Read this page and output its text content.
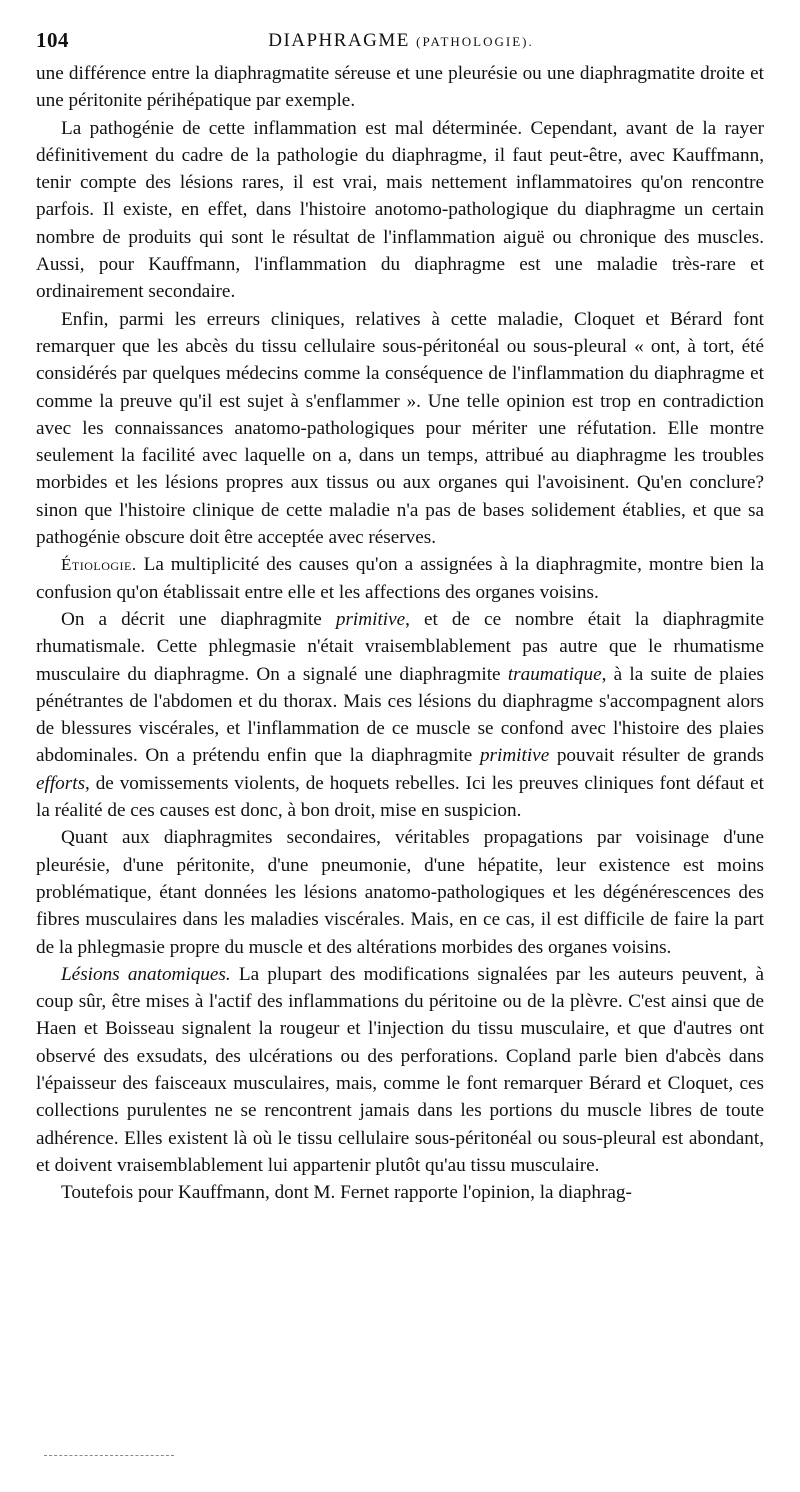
104	DIAPHRAGME (PATHOLOGIE).

une différence entre la diaphragmatite séreuse et une pleurésie ou une diaphragmatite droite et une péritonite périhépatique par exemple.

La pathogénie de cette inflammation est mal déterminée. Cependant, avant de la rayer définitivement du cadre de la pathologie du diaphragme, il faut peut-être, avec Kauffmann, tenir compte des lésions rares, il est vrai, mais nettement inflammatoires qu'on rencontre parfois. Il existe, en effet, dans l'histoire anotomo-pathologique du diaphragme un certain nombre de produits qui sont le résultat de l'inflammation aiguë ou chronique des muscles. Aussi, pour Kauffmann, l'inflammation du diaphragme est une maladie très-rare et ordinairement secondaire.

Enfin, parmi les erreurs cliniques, relatives à cette maladie, Cloquet et Bérard font remarquer que les abcès du tissu cellulaire sous-péritonéal ou sous-pleural « ont, à tort, été considérés par quelques médecins comme la conséquence de l'inflammation du diaphragme et comme la preuve qu'il est sujet à s'enflammer ». Une telle opinion est trop en contradiction avec les connaissances anatomo-pathologiques pour mériter une réfutation. Elle montre seulement la facilité avec laquelle on a, dans un temps, attribué au diaphragme les troubles morbides et les lésions propres aux tissus ou aux organes qui l'avoisinent. Qu'en conclure? sinon que l'histoire clinique de cette maladie n'a pas de bases solidement établies, et que sa pathogénie obscure doit être acceptée avec réserves.

Étiologie. La multiplicité des causes qu'on a assignées à la diaphragmite, montre bien la confusion qu'on établissait entre elle et les affections des organes voisins.

On a décrit une diaphragmite primitive, et de ce nombre était la diaphragmite rhumatismale. Cette phlegmasie n'était vraisemblablement pas autre que le rhumatisme musculaire du diaphragme. On a signalé une diaphragmite traumatique, à la suite de plaies pénétrantes de l'abdomen et du thorax. Mais ces lésions du diaphragme s'accompagnent alors de blessures viscérales, et l'inflammation de ce muscle se confond avec l'histoire des plaies abdominales. On a prétendu enfin que la diaphragmite primitive pouvait résulter de grands efforts, de vomissements violents, de hoquets rebelles. Ici les preuves cliniques font défaut et la réalité de ces causes est donc, à bon droit, mise en suspicion.

Quant aux diaphragmites secondaires, véritables propagations par voisinage d'une pleurésie, d'une péritonite, d'une pneumonie, d'une hépatite, leur existence est moins problématique, étant données les lésions anatomo-pathologiques et les dégénérescences des fibres musculaires dans les maladies viscérales. Mais, en ce cas, il est difficile de faire la part de la phlegmasie propre du muscle et des altérations morbides des organes voisins.

Lésions anatomiques. La plupart des modifications signalées par les auteurs peuvent, à coup sûr, être mises à l'actif des inflammations du péritoine ou de la plèvre. C'est ainsi que de Haen et Boisseau signalent la rougeur et l'injection du tissu musculaire, et que d'autres ont observé des exsudats, des ulcérations ou des perforations. Copland parle bien d'abcès dans l'épaisseur des faisceaux musculaires, mais, comme le font remarquer Bérard et Cloquet, ces collections purulentes ne se rencontrent jamais dans les portions du muscle libres de toute adhérence. Elles existent là où le tissu cellulaire sous-péritonéal ou sous-pleural est abondant, et doivent vraisemblablement lui appartenir plutôt qu'au tissu musculaire.

Toutefois pour Kauffmann, dont M. Fernet rapporte l'opinion, la diaphrag-
